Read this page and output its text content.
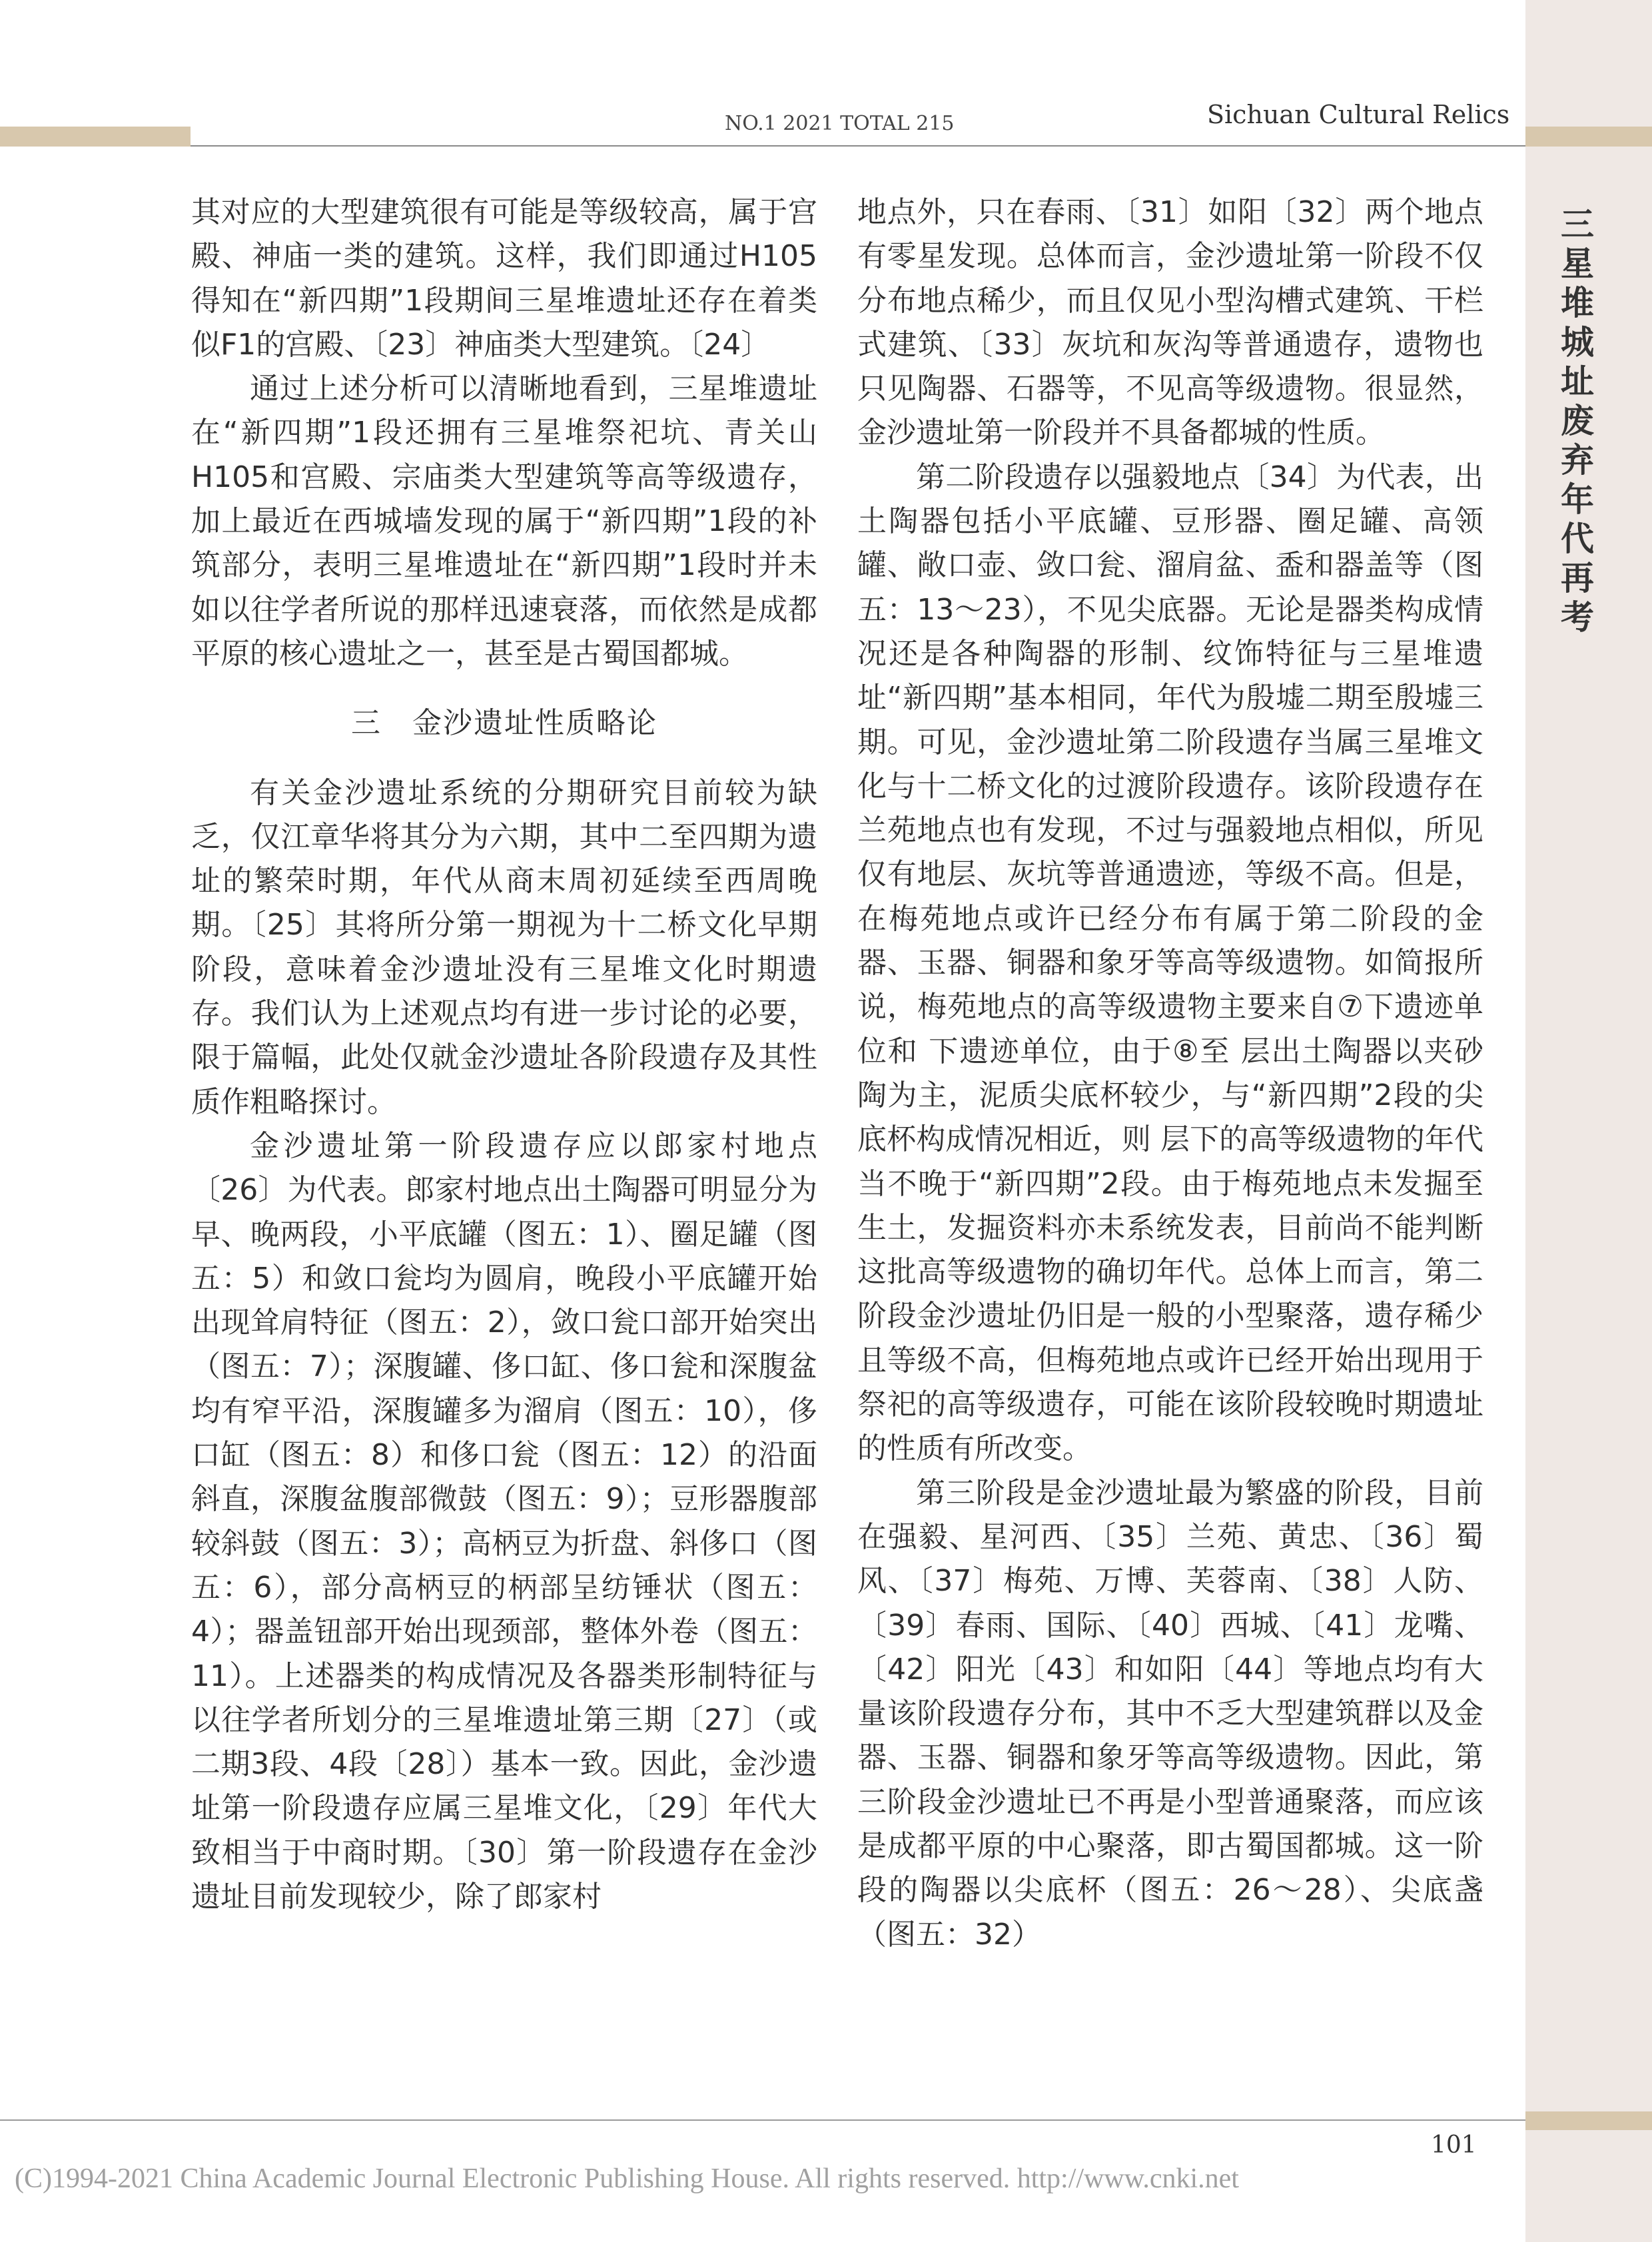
三星堆城址废弃年代再考
NO.1 2021 TOTAL 215	Sichuan Cultural Relics

其对应的大型建筑很有可能是等级较高，属于宫殿、神庙一类的建筑。这样，我们即通过H105得知在“新四期”1段期间三星堆遗址还存在着类似F1的宫殿、〔23〕神庙类大型建筑。〔24〕

通过上述分析可以清晰地看到，三星堆遗址在“新四期”1段还拥有三星堆祭祀坑、青关山H105和宫殿、宗庙类大型建筑等高等级遗存，加上最近在西城墙发现的属于“新四期”1段的补筑部分，表明三星堆遗址在“新四期”1段时并未如以往学者所说的那样迅速衰落，而依然是成都平原的核心遗址之一，甚至是古蜀国都城。

三　金沙遗址性质略论

有关金沙遗址系统的分期研究目前较为缺乏，仅江章华将其分为六期，其中二至四期为遗址的繁荣时期，年代从商末周初延续至西周晚期。〔25〕其将所分第一期视为十二桥文化早期阶段，意味着金沙遗址没有三星堆文化时期遗存。我们认为上述观点均有进一步讨论的必要，限于篇幅，此处仅就金沙遗址各阶段遗存及其性质作粗略探讨。

金沙遗址第一阶段遗存应以郎家村地点〔26〕为代表。郎家村地点出土陶器可明显分为早、晚两段，小平底罐（图五：1）、圈足罐（图五：5）和敛口瓮均为圆肩，晚段小平底罐开始出现耸肩特征（图五：2），敛口瓮口部开始突出（图五：7）；深腹罐、侈口缸、侈口瓮和深腹盆均有窄平沿，深腹罐多为溜肩（图五：10），侈口缸（图五：8）和侈口瓮（图五：12）的沿面斜直，深腹盆腹部微鼓（图五：9）；豆形器腹部较斜鼓（图五：3）；高柄豆为折盘、斜侈口（图五：6），部分高柄豆的柄部呈纺锤状（图五：4）；器盖钮部开始出现颈部，整体外卷（图五：11）。上述器类的构成情况及各器类形制特征与以往学者所划分的三星堆遗址第三期〔27〕（或二期3段、4段〔28〕）基本一致。因此，金沙遗址第一阶段遗存应属三星堆文化，〔29〕年代大致相当于中商时期。〔30〕第一阶段遗存在金沙遗址目前发现较少，除了郎家村

地点外，只在春雨、〔31〕如阳〔32〕两个地点有零星发现。总体而言，金沙遗址第一阶段不仅分布地点稀少，而且仅见小型沟槽式建筑、干栏式建筑、〔33〕灰坑和灰沟等普通遗存，遗物也只见陶器、石器等，不见高等级遗物。很显然，金沙遗址第一阶段并不具备都城的性质。

第二阶段遗存以强毅地点〔34〕为代表，出土陶器包括小平底罐、豆形器、圈足罐、高领罐、敞口壶、敛口瓮、溜肩盆、盉和器盖等（图五：13～23），不见尖底器。无论是器类构成情况还是各种陶器的形制、纹饰特征与三星堆遗址“新四期”基本相同，年代为殷墟二期至殷墟三期。可见，金沙遗址第二阶段遗存当属三星堆文化与十二桥文化的过渡阶段遗存。该阶段遗存在兰苑地点也有发现，不过与强毅地点相似，所见仅有地层、灰坑等普通遗迹，等级不高。但是，在梅苑地点或许已经分布有属于第二阶段的金器、玉器、铜器和象牙等高等级遗物。如简报所说，梅苑地点的高等级遗物主要来自⑦下遗迹单位和 下遗迹单位，由于⑧至 层出土陶器以夹砂陶为主，泥质尖底杯较少，与“新四期”2段的尖底杯构成情况相近，则 层下的高等级遗物的年代当不晚于“新四期”2段。由于梅苑地点未发掘至生土，发掘资料亦未系统发表，目前尚不能判断这批高等级遗物的确切年代。总体上而言，第二阶段金沙遗址仍旧是一般的小型聚落，遗存稀少且等级不高，但梅苑地点或许已经开始出现用于祭祀的高等级遗存，可能在该阶段较晚时期遗址的性质有所改变。

第三阶段是金沙遗址最为繁盛的阶段，目前在强毅、星河西、〔35〕兰苑、黄忠、〔36〕蜀风、〔37〕梅苑、万博、芙蓉南、〔38〕人防、〔39〕春雨、国际、〔40〕西城、〔41〕龙嘴、〔42〕阳光〔43〕和如阳〔44〕等地点均有大量该阶段遗存分布，其中不乏大型建筑群以及金器、玉器、铜器和象牙等高等级遗物。因此，第三阶段金沙遗址已不再是小型普通聚落，而应该是成都平原的中心聚落，即古蜀国都城。这一阶段的陶器以尖底杯（图五：26～28）、尖底盏（图五：32）

101
(C)1994-2021 China Academic Journal Electronic Publishing House. All rights reserved. http://www.cnki.net
